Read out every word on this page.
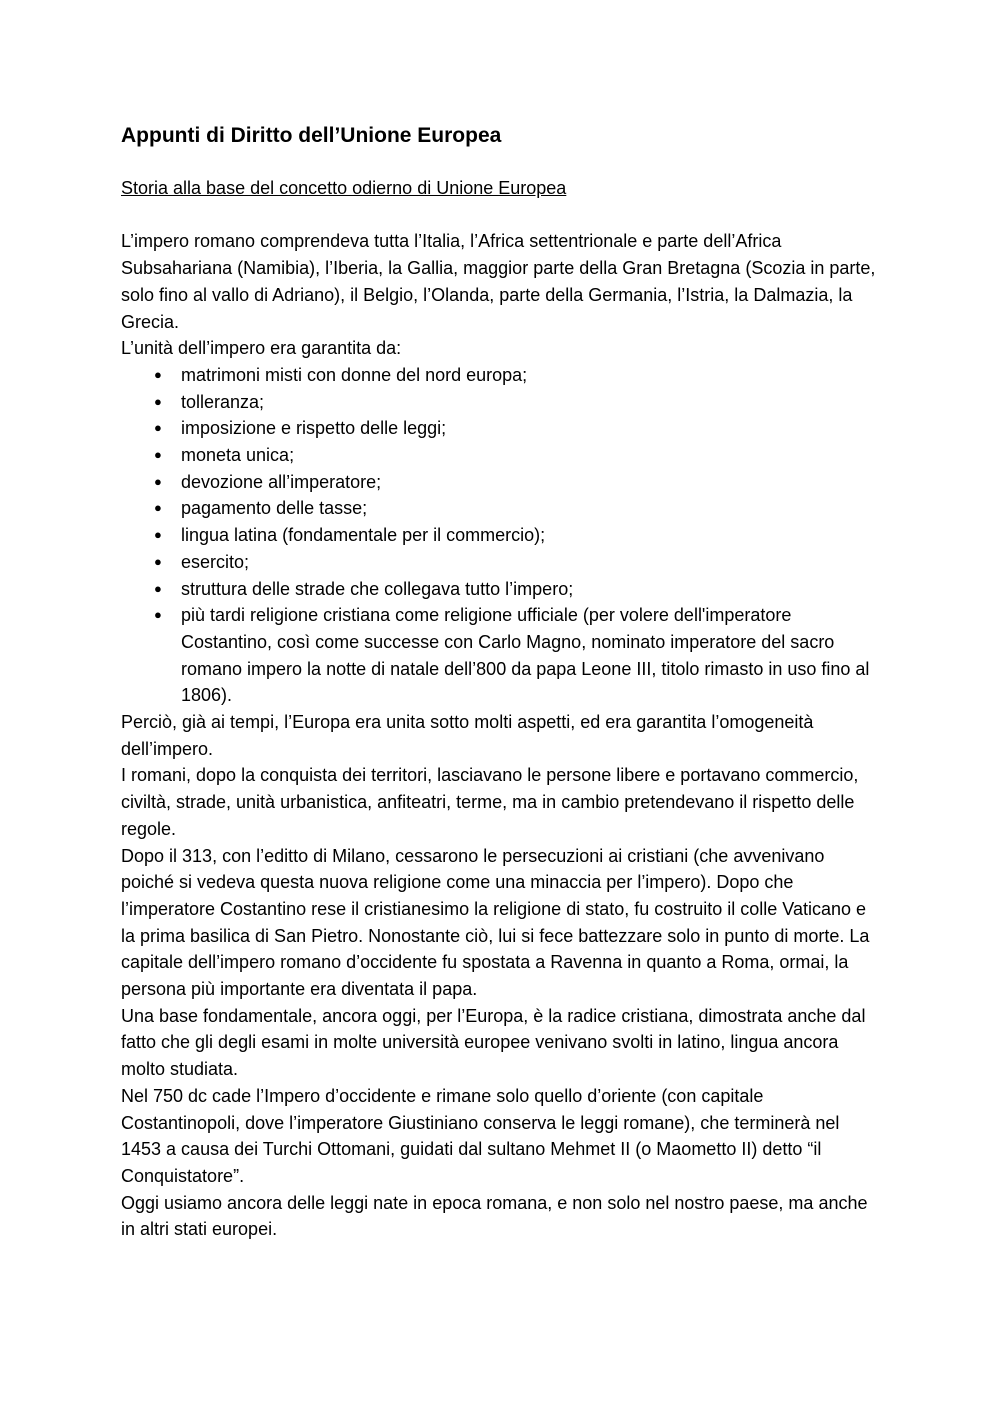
Appunti di Diritto dell’Unione Europea
Storia alla base del concetto odierno di Unione Europea

L’impero romano comprendeva tutta l’Italia, l’Africa settentrionale e parte dell’Africa Subsahariana (Namibia), l’Iberia, la Gallia, maggior parte della Gran Bretagna (Scozia in parte, solo fino al vallo di Adriano), il Belgio, l’Olanda, parte della Germania, l’Istria, la Dalmazia, la Grecia.

L’unità dell’impero era garantita da:

● matrimoni misti con donne del nord europa;
● tolleranza;
● imposizione e rispetto delle leggi;
● moneta unica;
● devozione all’imperatore;
● pagamento delle tasse;
● lingua latina (fondamentale per il commercio);
● esercito;
● struttura delle strade che collegava tutto l’impero;
● più tardi religione cristiana come religione ufficiale (per volere dell'imperatore Costantino, così come successe con Carlo Magno, nominato imperatore del sacro romano impero la notte di natale dell’800 da papa Leone III, titolo rimasto in uso fino al 1806).

Perciò, già ai tempi, l’Europa era unita sotto molti aspetti, ed era garantita l’omogeneità dell’impero.

I romani, dopo la conquista dei territori, lasciavano le persone libere e portavano commercio, civiltà, strade, unità urbanistica, anfiteatri, terme, ma in cambio pretendevano il rispetto delle regole.

Dopo il 313, con l’editto di Milano, cessarono le persecuzioni ai cristiani (che avvenivano poiché si vedeva questa nuova religione come una minaccia per l’impero). Dopo che l’imperatore Costantino rese il cristianesimo la religione di stato, fu costruito il colle Vaticano e la prima basilica di San Pietro. Nonostante ciò, lui si fece battezzare solo in punto di morte. La capitale dell’impero romano d’occidente fu spostata a Ravenna in quanto a Roma, ormai, la persona più importante era diventata il papa.

Una base fondamentale, ancora oggi, per l’Europa, è la radice cristiana, dimostrata anche dal fatto che gli degli esami in molte università europee venivano svolti in latino, lingua ancora molto studiata.

Nel 750 dc cade l’Impero d’occidente e rimane solo quello d’oriente (con capitale Costantinopoli, dove l’imperatore Giustiniano conserva le leggi romane), che terminerà nel 1453 a causa dei Turchi Ottomani, guidati dal sultano Mehmet II (o Maometto II) detto “il Conquistatore”.

Oggi usiamo ancora delle leggi nate in epoca romana, e non solo nel nostro paese, ma anche in altri stati europei.
